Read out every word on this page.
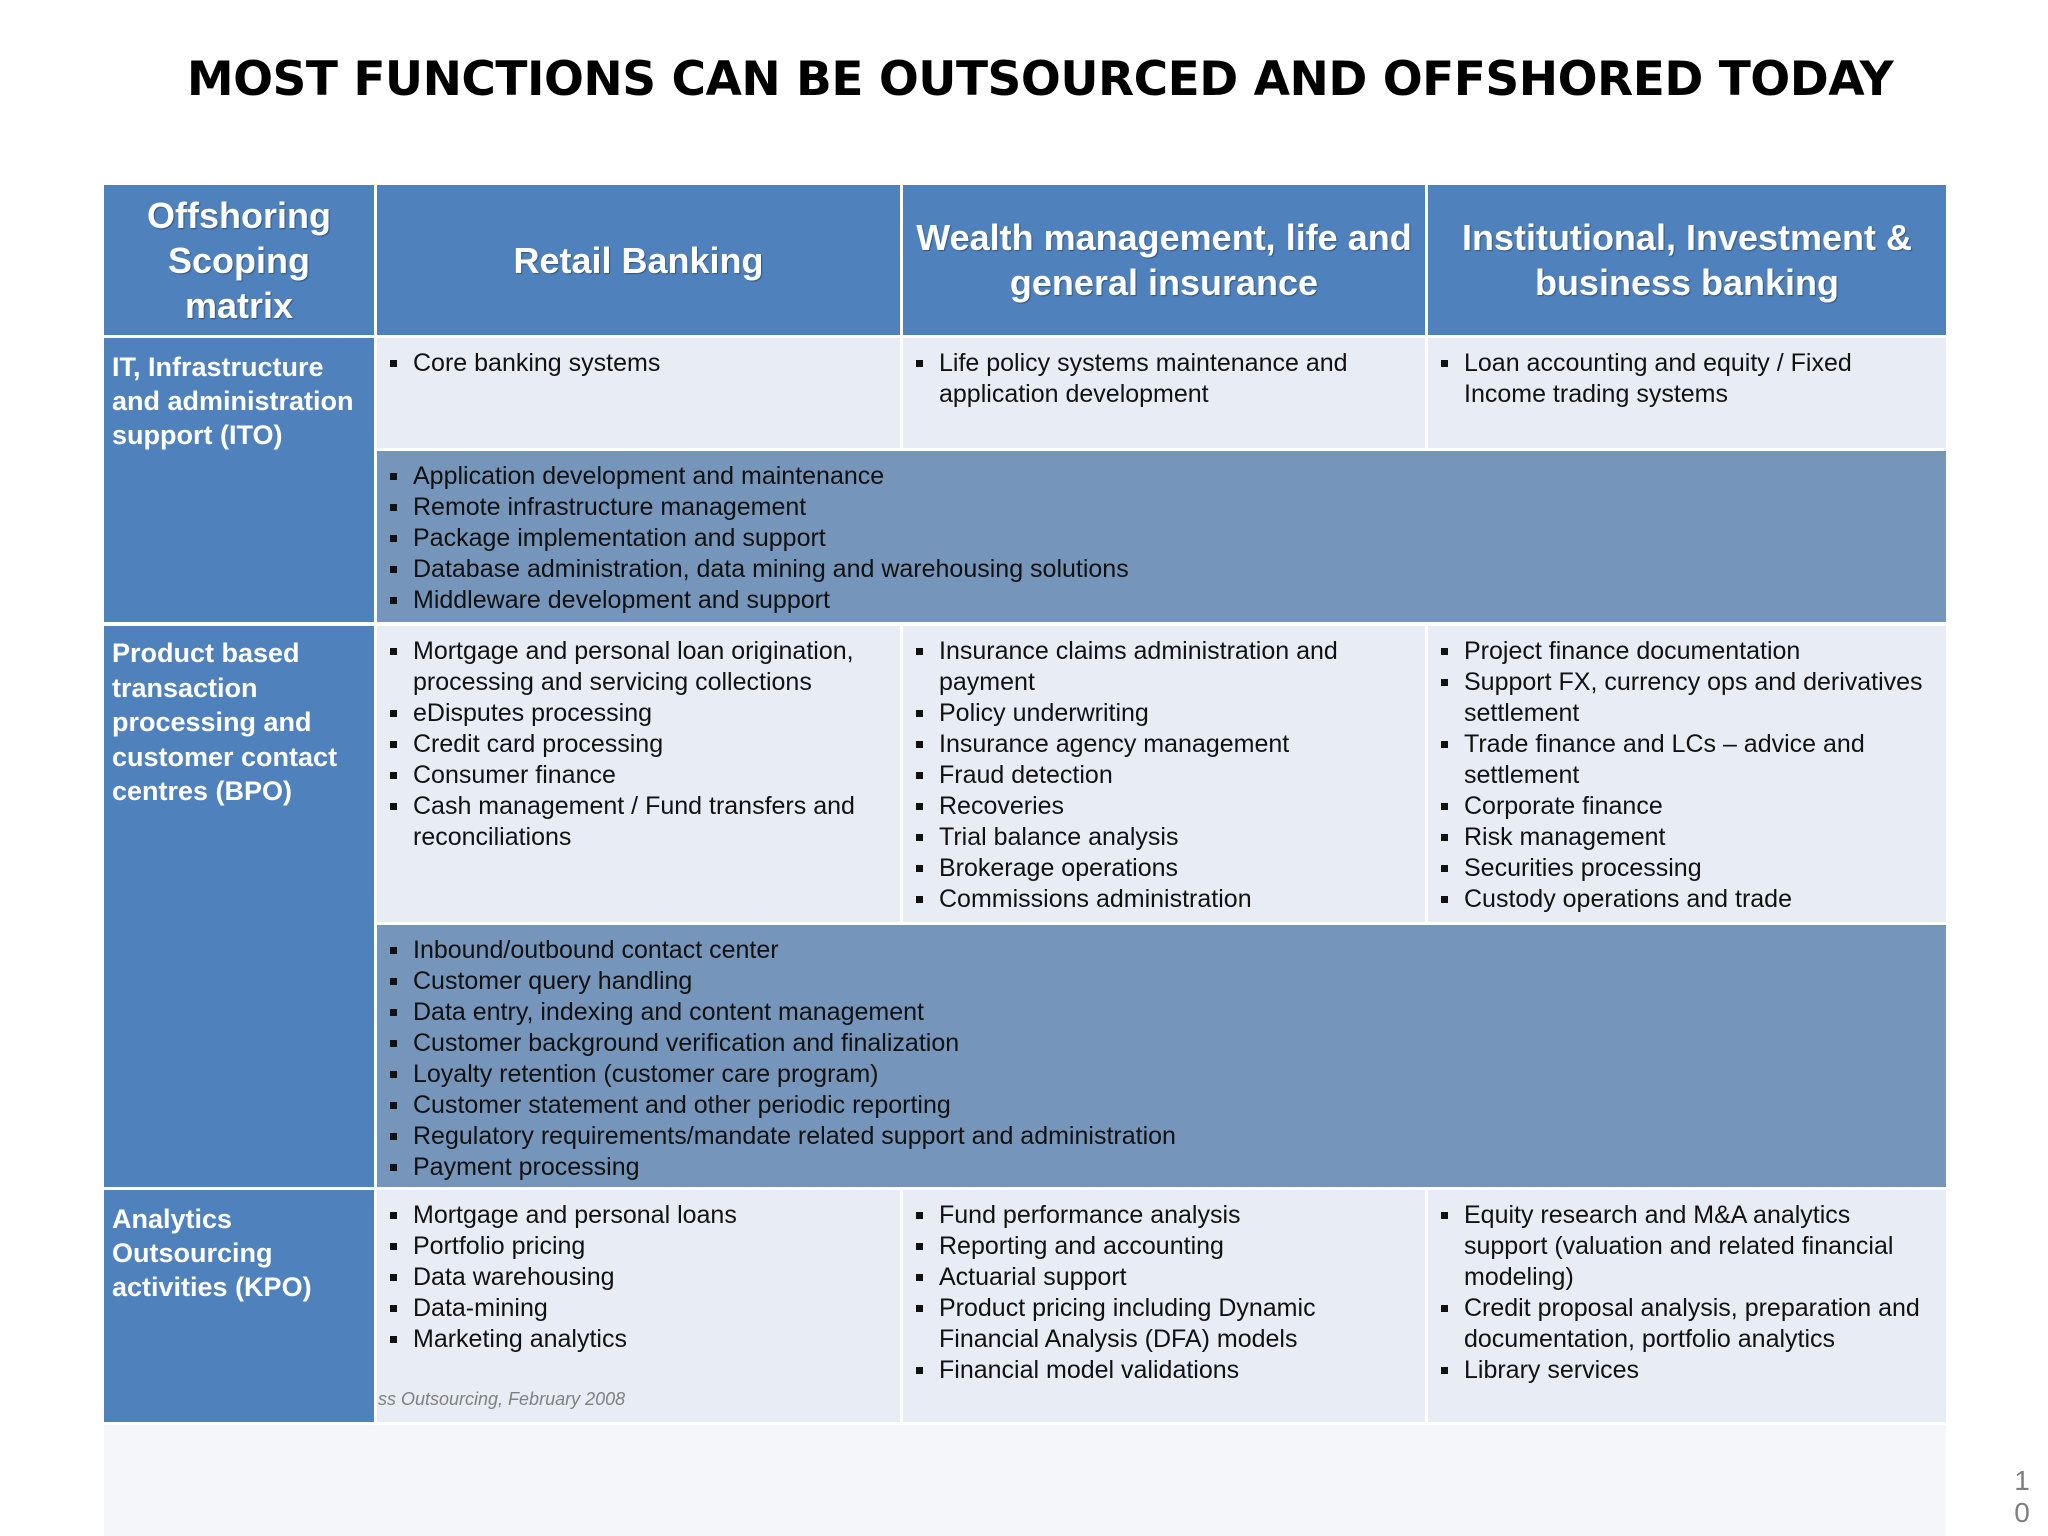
MOST FUNCTIONS CAN BE OUTSOURCED AND OFFSHORED TODAY
Offshoring Scoping matrix
Retail Banking
Wealth management, life and general insurance
Institutional, Investment & business banking
IT, Infrastructure and administration support (ITO)
Product based transaction processing and customer contact centres (BPO)
Analytics Outsourcing activities (KPO)
Core banking systems	Life policy systems maintenance and application development
Loan accounting and equity / Fixed Income trading systems
Application development and maintenance
Remote infrastructure management
Package implementation and support
Database administration, data mining and warehousing solutions
Middleware development and support
Mortgage and personal loan origination, processing and servicing collections
eDisputes processing
Credit card processing
Consumer finance
Cash management / Fund transfers and reconciliations
Insurance claims administration and payment
Policy underwriting
Insurance agency management
Fraud detection
Recoveries
Trial balance analysis
Brokerage operations
Commissions administration
Project finance documentation
Support FX, currency ops and derivatives settlement
Trade finance and LCs – advice and settlement
Corporate finance
Risk management
Securities processing
Custody operations and trade
Inbound/outbound contact center
Customer query handling
Data entry, indexing and content management
Customer background verification and finalization
Loyalty retention (customer care program)
Customer statement and other periodic reporting
Regulatory requirements/mandate related support and administration
Payment processing
Mortgage and personal loans
Portfolio pricing
Data warehousing
Data-mining
Marketing analytics
Fund performance analysis
Reporting and accounting
Actuarial support
Product pricing including Dynamic Financial Analysis (DFA) models
Financial model validations
Equity research and M&A analytics support (valuation and related financial modeling)
Credit proposal analysis, preparation and documentation, portfolio analytics
Library services
ss Outsourcing, February 2008
1
0
